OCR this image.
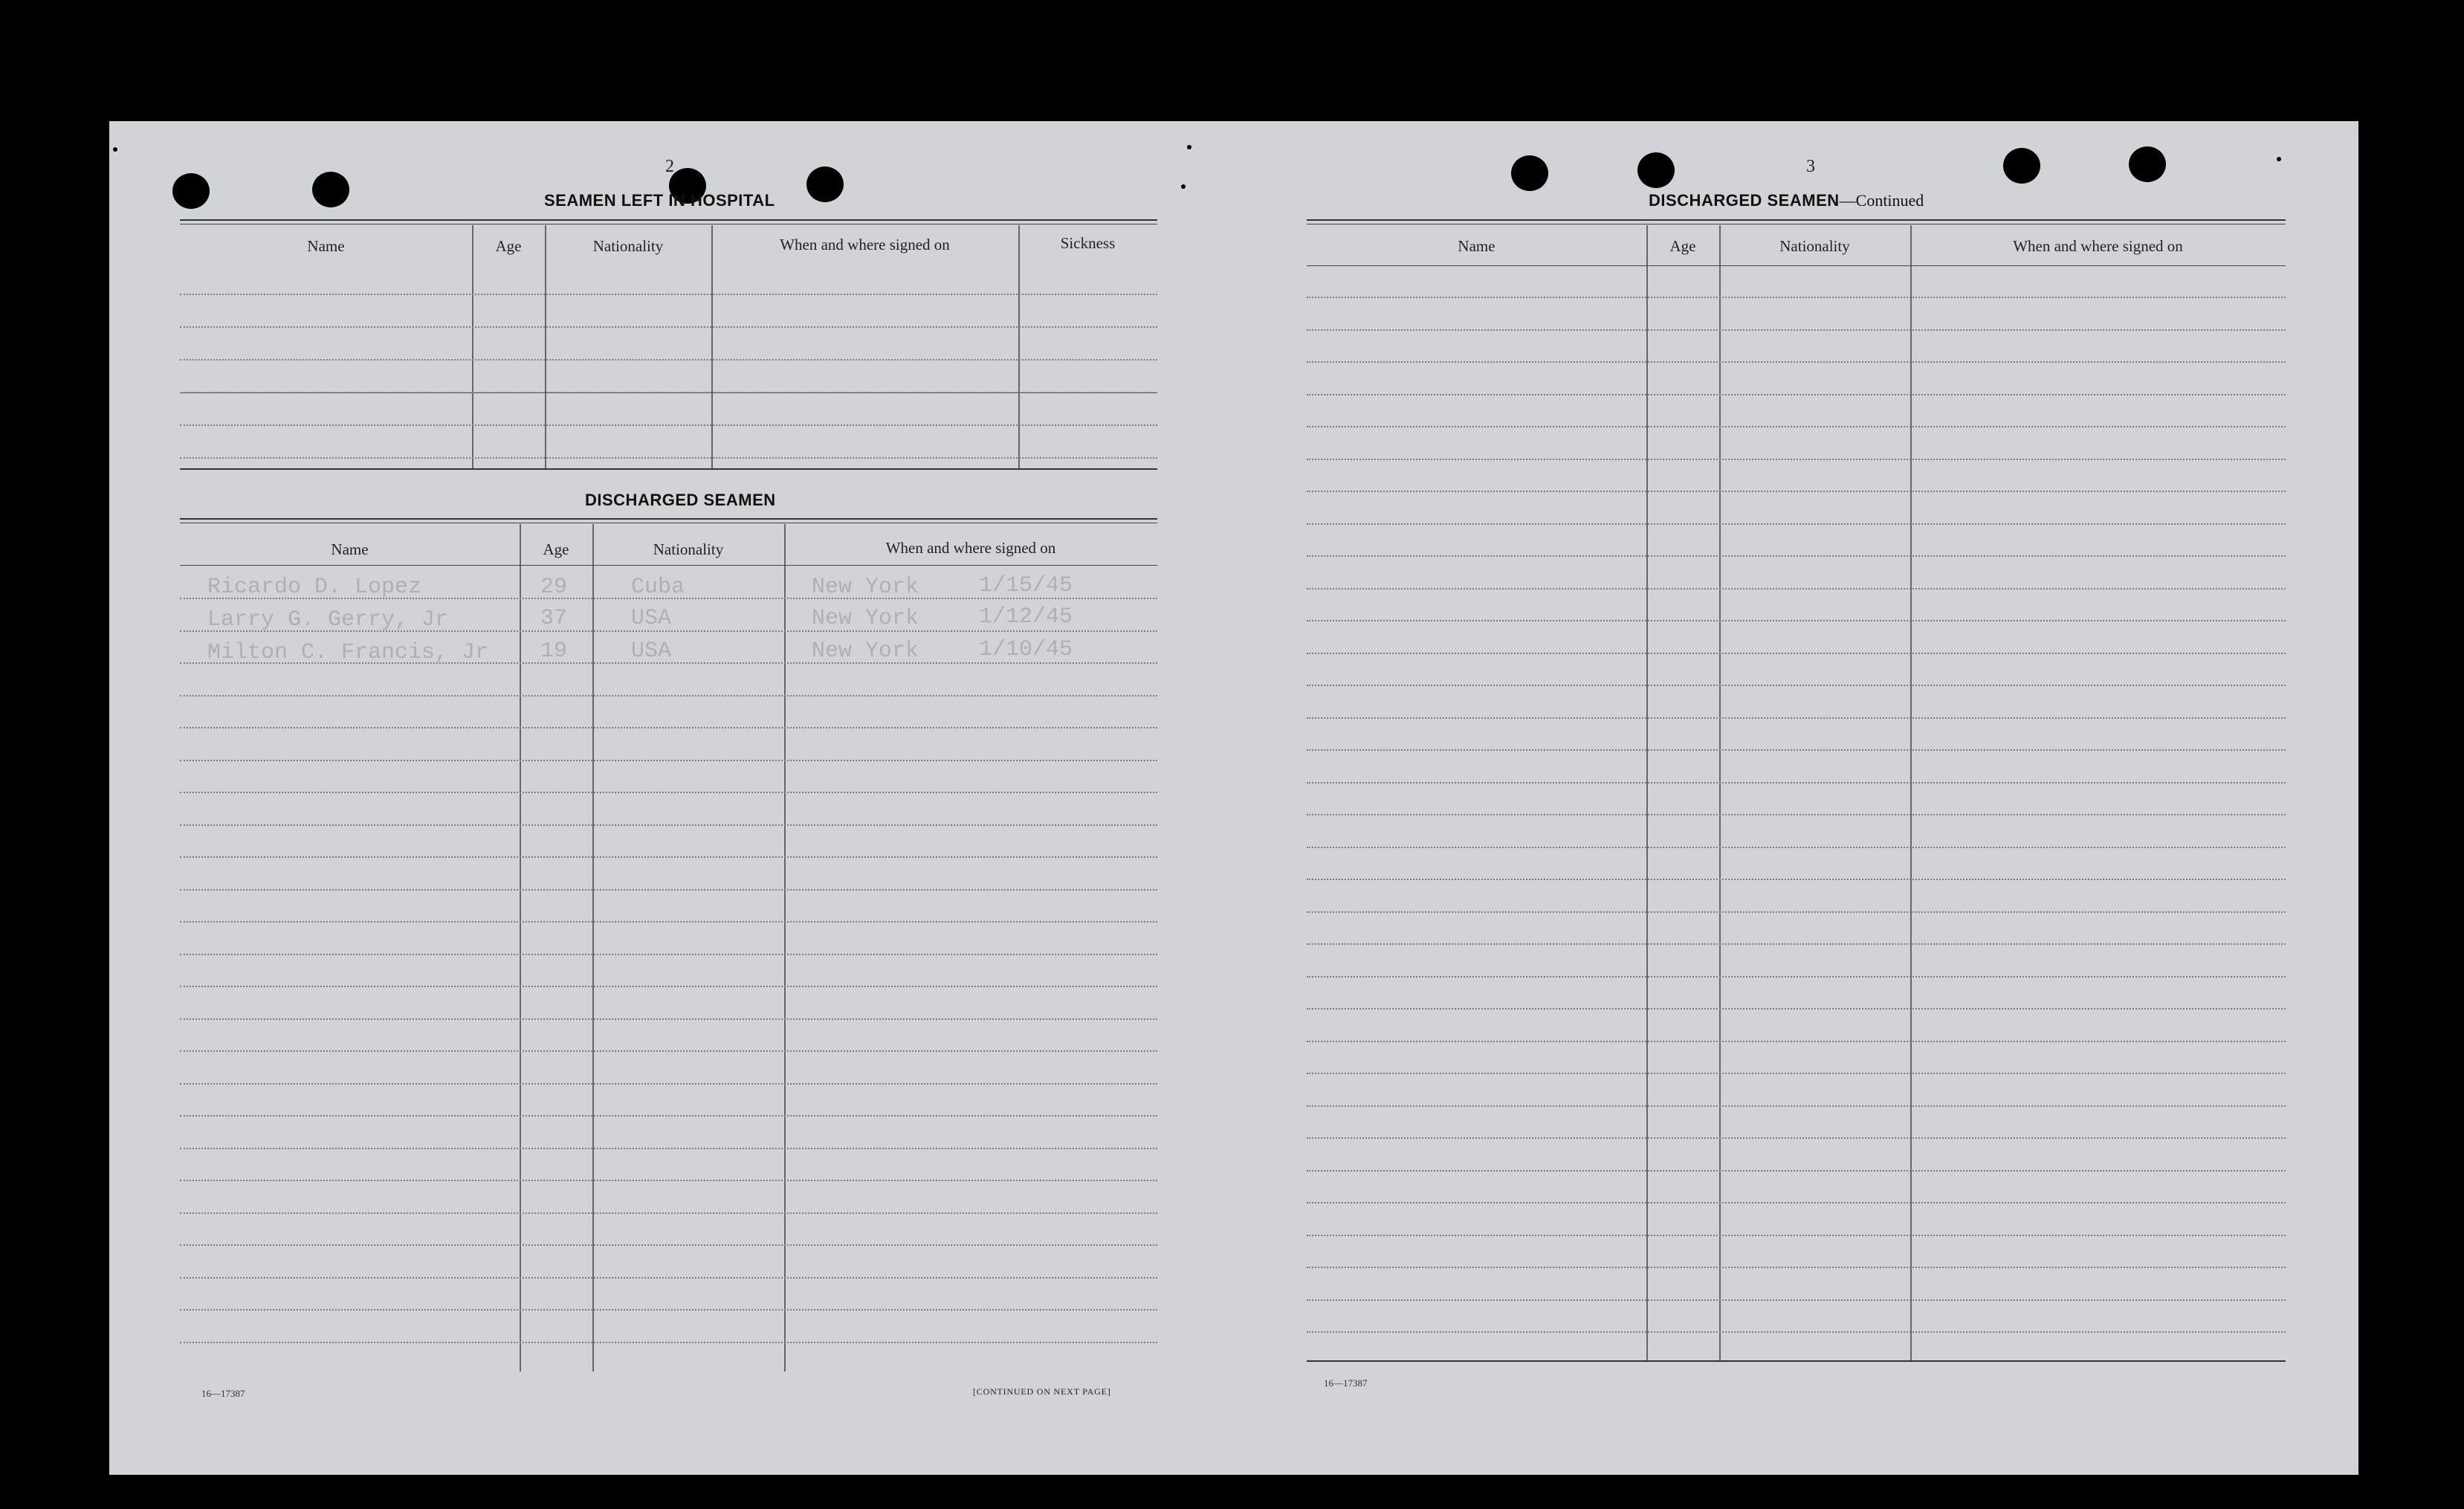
2
SEAMEN LEFT IN HOSPITAL
Name	Age	Nationality	When and where signed on	Sickness
DISCHARGED SEAMEN
Name	Age	Nationality	When and where signed on
Ricardo D. Lopez	29	Cuba	New York	1/15/45
Larry G. Gerry, Jr	37	USA	New York	1/12/45
Milton C. Francis, Jr 19	USA	New York	1/10/45
16—17387	[CONTINUED ON NEXT PAGE]
3
DISCHARGED SEAMEN—Continued
Name	Age	Nationality	When and where signed on
16—17387
